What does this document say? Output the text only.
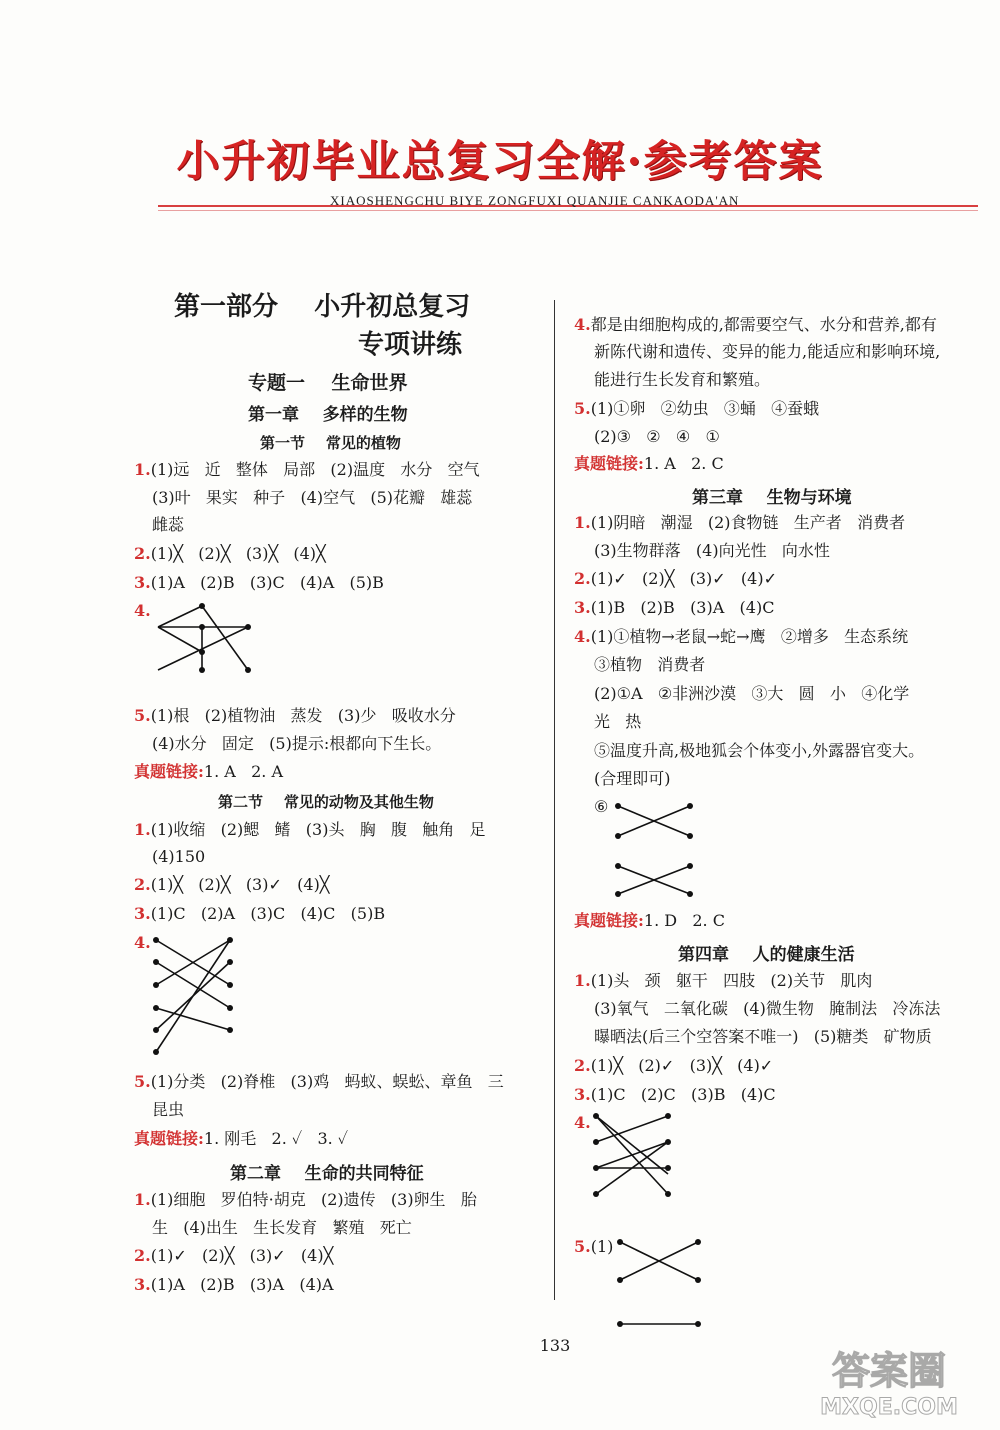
小升初毕业总复习全解·参考答案
XIAOSHENGCHU BIYE ZONGFUXI QUANJIE CANKAODA'AN
第一部分    小升初总复习
专项讲练
专题一    生命世界
第一章    多样的生物
第一节    常见的植物
1.(1)远   近   整体   局部   (2)温度   水分   空气
(3)叶   果实   种子   (4)空气   (5)花瓣   雄蕊
雌蕊
2.(1)╳   (2)╳   (3)╳   (4)╳
3.(1)A   (2)B   (3)C   (4)A   (5)B
4.
5.(1)根   (2)植物油   蒸发   (3)少   吸收水分
(4)水分   固定   (5)提示:根都向下生长。
真题链接:1. A   2. A
第二节    常见的动物及其他生物
1.(1)收缩   (2)鳃   鳍   (3)头   胸   腹   触角   足
(4)150
2.(1)╳   (2)╳   (3)✓   (4)╳
3.(1)C   (2)A   (3)C   (4)C   (5)B
4.
5.(1)分类   (2)脊椎   (3)鸡   蚂蚁、蜈蚣、章鱼   三
昆虫
真题链接:1. 刚毛   2. ✓   3. ✓
第二章    生命的共同特征
1.(1)细胞   罗伯特·胡克   (2)遗传   (3)卵生   胎
生   (4)出生   生长发育   繁殖   死亡
2.(1)✓   (2)╳   (3)✓   (4)╳
3.(1)A   (2)B   (3)A   (4)A
4.都是由细胞构成的,都需要空气、水分和营养,都有
新陈代谢和遗传、变异的能力,能适应和影响环境,
能进行生长发育和繁殖。
5.(1)①卵   ②幼虫   ③蛹   ④蚕蛾
(2)③   ②   ④   ①
真题链接:1. A   2. C
第三章    生物与环境
1.(1)阴暗   潮湿   (2)食物链   生产者   消费者
(3)生物群落   (4)向光性   向水性
2.(1)✓   (2)╳   (3)✓   (4)✓
3.(1)B   (2)B   (3)A   (4)C
4.(1)①植物→老鼠→蛇→鹰   ②增多   生态系统
③植物   消费者
(2)①A   ②非洲沙漠   ③大   圆   小   ④化学
光   热
⑤温度升高,极地狐会个体变小,外露器官变大。
(合理即可)
⑥
真题链接:1. D   2. C
第四章    人的健康生活
1.(1)头   颈   躯干   四肢   (2)关节   肌肉
(3)氧气   二氧化碳   (4)微生物   腌制法   冷冻法
曝晒法(后三个空答案不唯一)   (5)糖类   矿物质
2.(1)╳   (2)✓   (3)╳   (4)✓
3.(1)C   (2)C   (3)B   (4)C
4.
5.(1)
133
答案圈
MXQE.COM
